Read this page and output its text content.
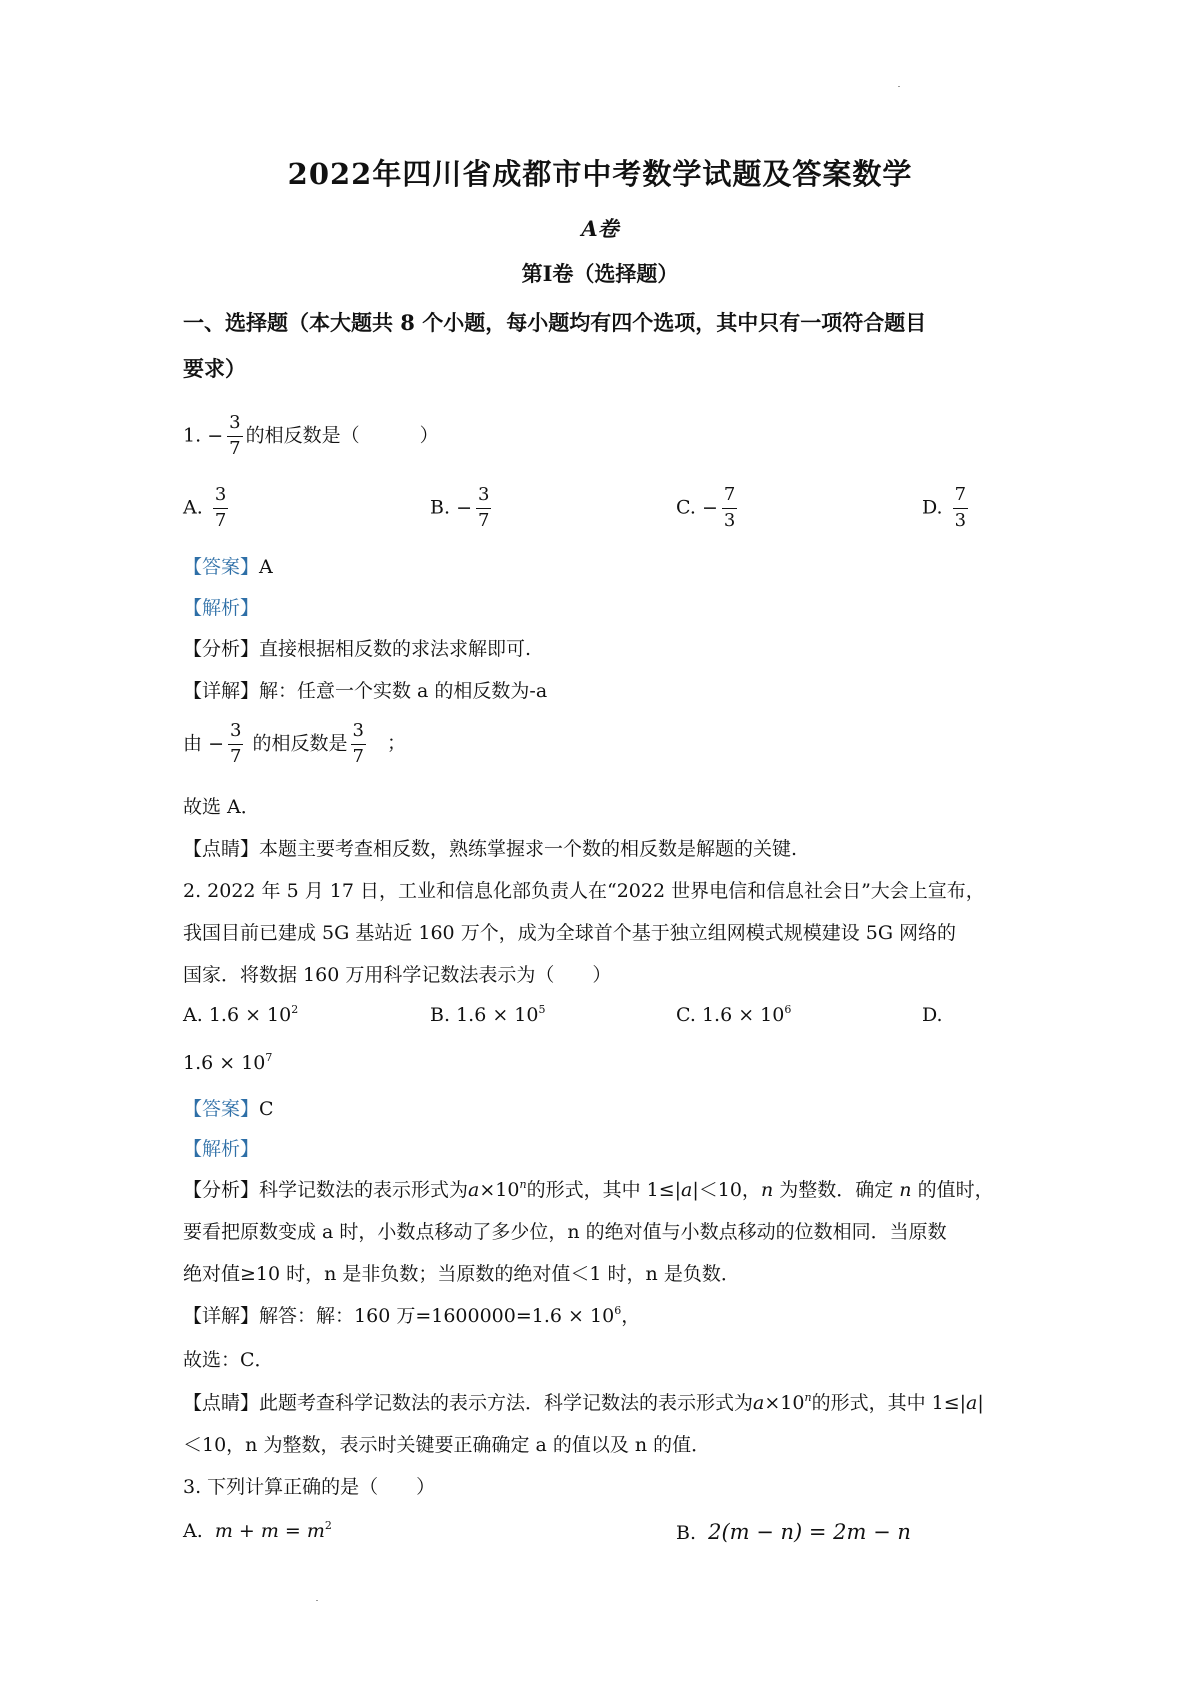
2022年四川省成都市中考数学试题及答案数学
A卷
第Ⅰ卷（选择题）
一、选择题（本大题共 8 个小题，每小题均有四个选项，其中只有一项符合题目
要求）
1. − $\frac{3}{7}$ 的相反数是（	）
A. $\frac{3}{7}$	B. − $\frac{3}{7}$	C. − $\frac{7}{3}$	D. $\frac{7}{3}$
【答案】A
【解析】
【分析】直接根据相反数的求法求解即可.
【详解】解：任意一个实数 a 的相反数为-a
由 − $\frac{3}{7}$ 的相反数是 $\frac{3}{7}$ ；
故选 A．
【点睛】本题主要考查相反数，熟练掌握求一个数的相反数是解题的关键.
2. 2022 年 5 月 17 日，工业和信息化部负责人在“2022 世界电信和信息社会日”大会上宣布，
我国目前已建成 5G 基站近 160 万个，成为全球首个基于独立组网模式规模建设 5G 网络的
国家．将数据 160 万用科学记数法表示为（　　）
A. $1.6 \times 10^2$	B. $1.6 \times 10^5$	C. $1.6 \times 10^6$	D.
$1.6 \times 10^7$
【答案】C
【解析】
【分析】科学记数法的表示形式为$a\times 10^n$的形式，其中 1≤|a|＜10，n 为整数．确定 n 的值时，
要看把原数变成 a 时，小数点移动了多少位，n 的绝对值与小数点移动的位数相同．当原数
绝对值≥10 时，n 是非负数；当原数的绝对值＜1 时，n 是负数．
【详解】解答：解：160 万$=1600000=1.6 \times 10^6$，
故选：C．
【点睛】此题考查科学记数法的表示方法．科学记数法的表示形式为$a\times 10^n$的形式，其中 1≤|a|
＜10，n 为整数，表示时关键要正确确定 a 的值以及 n 的值．
3. 下列计算正确的是（　　）
A. $m + m = m^2$	B. 2(m − n) = 2m − n
